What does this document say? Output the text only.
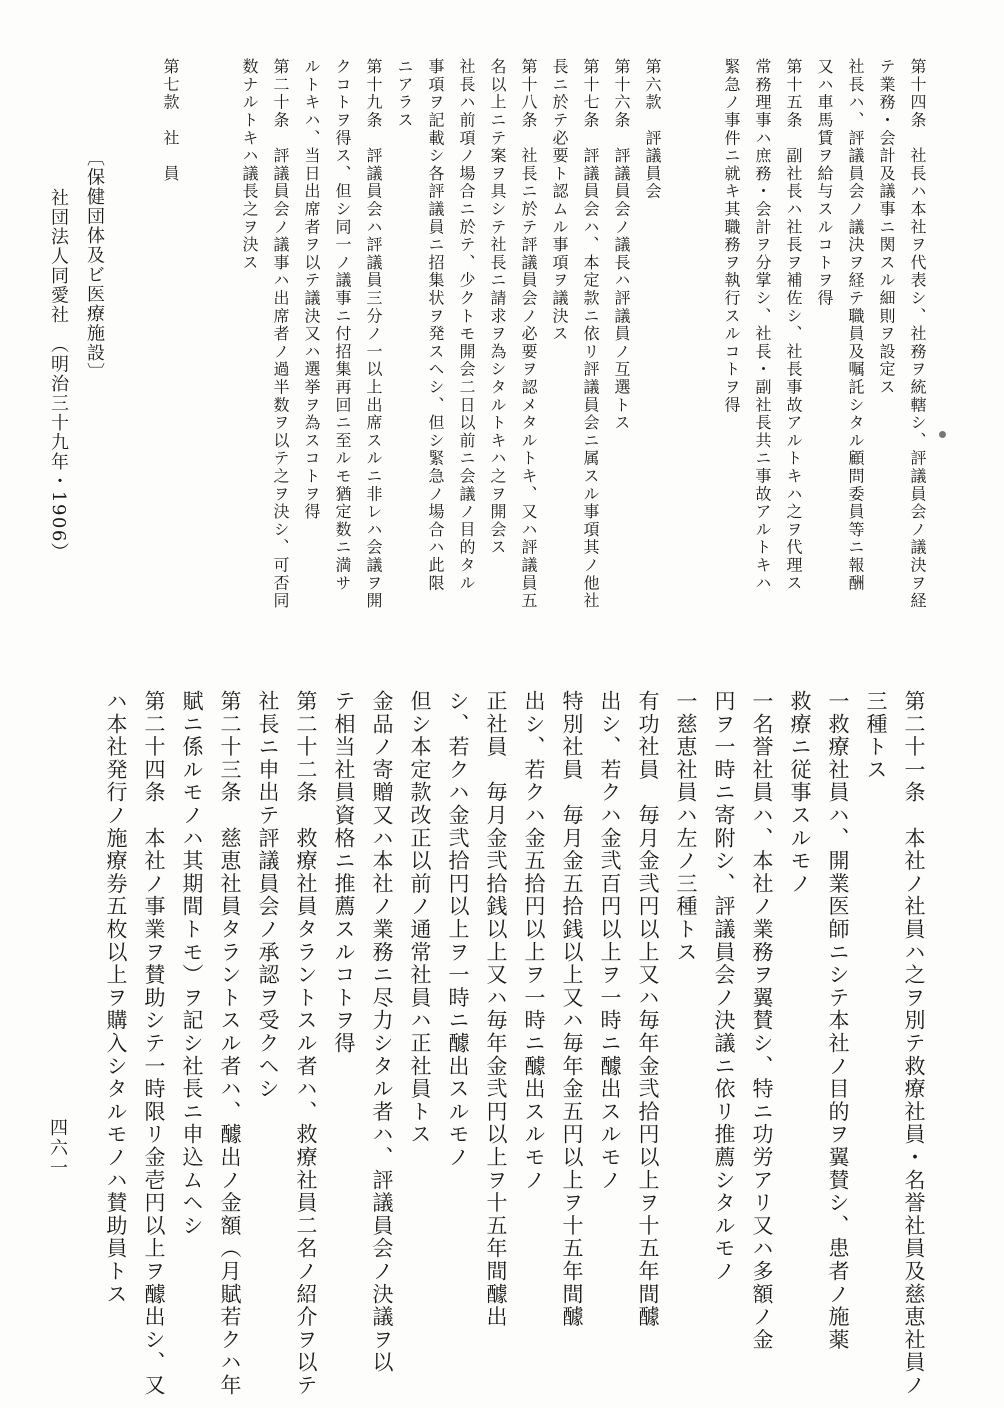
第十四条　社長ハ本社ヲ代表シ、社務ヲ統轄シ、評議員会ノ議決ヲ経
テ業務・会計及議事ニ関スル細則ヲ設定ス
社長ハ、評議員会ノ議決ヲ経テ職員及嘱託シタル顧問委員等ニ報酬
又ハ車馬賃ヲ給与スルコトヲ得
第十五条　副社長ハ社長ヲ補佐シ、社長事故アルトキハ之ヲ代理ス
常務理事ハ庶務・会計ヲ分掌シ、社長・副社長共ニ事故アルトキハ
緊急ノ事件ニ就キ其職務ヲ執行スルコトヲ得
第六款　評議員会
第十六条　評議員会ノ議長ハ評議員ノ互選トス
第十七条　評議員会ハ、本定款ニ依リ評議員会ニ属スル事項其ノ他社
長ニ於テ必要ト認ムル事項ヲ議決ス
第十八条　社長ニ於テ評議員会ノ必要ヲ認メタルトキ、又ハ評議員五
名以上ニテ案ヲ具シテ社長ニ請求ヲ為シタルトキハ之ヲ開会ス
社長ハ前項ノ場合ニ於テ、少クトモ開会二日以前ニ会議ノ目的タル
事項ヲ記載シ各評議員ニ招集状ヲ発スヘシ、但シ緊急ノ場合ハ此限
ニアラス
第十九条　評議員会ハ評議員三分ノ一以上出席スルニ非レハ会議ヲ開
クコトヲ得ス、但シ同一ノ議事ニ付招集再回ニ至ルモ猶定数ニ満サ
ルトキハ、当日出席者ヲ以テ議決又ハ選挙ヲ為スコトヲ得
第二十条　評議員会ノ議事ハ出席者ノ過半数ヲ以テ之ヲ決シ、可否同
数ナルトキハ議長之ヲ決ス
第七款　社　員
第二十一条　本社ノ社員ハ之ヲ別テ救療社員・名誉社員及慈恵社員ノ
三種トス
一救療社員ハ、開業医師ニシテ本社ノ目的ヲ翼賛シ、患者ノ施薬
救療ニ従事スルモノ
一名誉社員ハ、本社ノ業務ヲ翼賛シ、特ニ功労アリ又ハ多額ノ金
円ヲ一時ニ寄附シ、評議員会ノ決議ニ依リ推薦シタルモノ
一慈恵社員ハ左ノ三種トス
有功社員　毎月金弐円以上又ハ毎年金弐拾円以上ヲ十五年間醵
出シ、若クハ金弐百円以上ヲ一時ニ醵出スルモノ
特別社員　毎月金五拾銭以上又ハ毎年金五円以上ヲ十五年間醵
出シ、若クハ金五拾円以上ヲ一時ニ醵出スルモノ
正社員　毎月金弐拾銭以上又ハ毎年金弐円以上ヲ十五年間醵出
シ、若クハ金弐拾円以上ヲ一時ニ醵出スルモノ
但シ本定款改正以前ノ通常社員ハ正社員トス
金品ノ寄贈又ハ本社ノ業務ニ尽力シタル者ハ、評議員会ノ決議ヲ以
テ相当社員資格ニ推薦スルコトヲ得
第二十二条　救療社員タラントスル者ハ、救療社員二名ノ紹介ヲ以テ
社長ニ申出テ評議員会ノ承認ヲ受クヘシ
第二十三条　慈恵社員タラントスル者ハ、醵出ノ金額（月賦若クハ年
賦ニ係ルモノハ其期間トモ）ヲ記シ社長ニ申込ムヘシ
第二十四条　本社ノ事業ヲ賛助シテ一時限リ金壱円以上ヲ醵出シ、又
ハ本社発行ノ施療券五枚以上ヲ購入シタルモノハ賛助員トス
〔保健団体及ビ医療施設〕
社団法人同愛社　（明治三十九年・1906）
四六一
